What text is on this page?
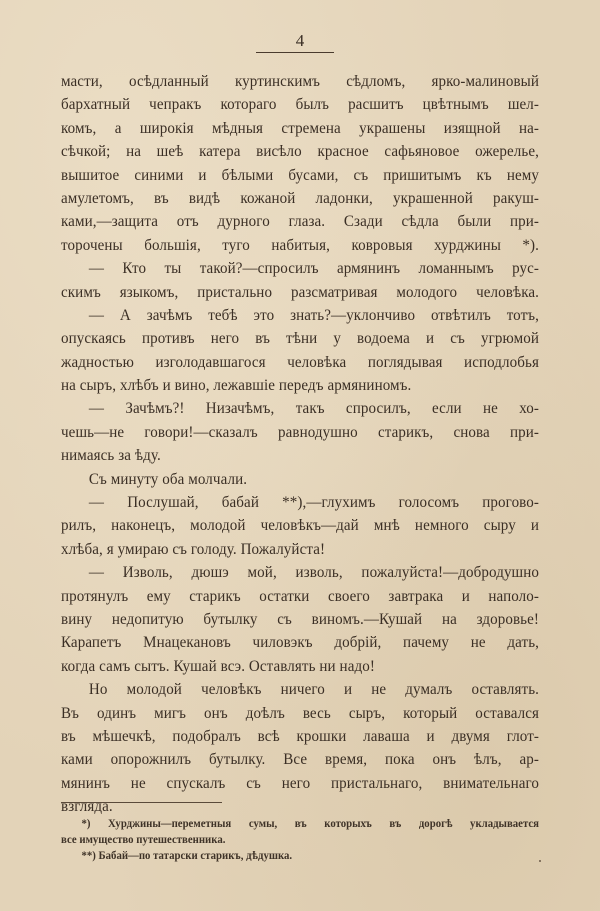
4
масти, осѣдланный куртинскимъ сѣдломъ, ярко-малиновый
бархатный чепракъ котораго былъ расшитъ цвѣтнымъ шел-
комъ, а широкія мѣдныя стремена украшены изящной на-
сѣчкой; на шеѣ катера висѣло красное сафьяновое ожерелье,
вышитое синими и бѣлыми бусами, съ пришитымъ къ нему
амулетомъ, въ видѣ кожаной ладонки, украшенной ракуш-
ками,—защита отъ дурного глаза. Сзади сѣдла были при-
торочены большія, туго набитыя, ковровыя хурджины *).
— Кто ты такой?—спросилъ армянинъ ломаннымъ рус-
скимъ языкомъ, пристально разсматривая молодого человѣка.
— А зачѣмъ тебѣ это знать?—уклончиво отвѣтилъ тотъ,
опускаясь противъ него въ тѣни у водоема и съ угрюмой
жадностью изголодавшагося человѣка поглядывая исподлобья
на сыръ, хлѣбъ и вино, лежавшіе передъ армяниномъ.
— Зачѣмъ?! Низачѣмъ, такъ спросилъ, если не хо-
чешь—не говори!—сказалъ равнодушно старикъ, снова при-
нимаясь за ѣду.
Съ минуту оба молчали.
— Послушай, бабай **),—глухимъ голосомъ прогово-
рилъ, наконецъ, молодой человѣкъ—дай мнѣ немного сыру и
хлѣба, я умираю съ голоду. Пожалуйста!
— Изволь, дюшэ мой, изволь, пожалуйста!—добродушно
протянулъ ему старикъ остатки своего завтрака и наполо-
вину недопитую бутылку съ виномъ.—Кушай на здоровье!
Карапетъ Мнацекановъ чиловэкъ добрій, пачему не дать,
когда самъ сытъ. Кушай всэ. Оставлять ни надо!
Но молодой человѣкъ ничего и не думалъ оставлять.
Въ одинъ мигъ онъ доѣлъ весь сыръ, который оставался
въ мѣшечкѣ, подобралъ всѣ крошки лаваша и двумя глот-
ками опорожнилъ бутылку. Все время, пока онъ ѣлъ, ар-
мянинъ не спускалъ съ него пристальнаго, внимательнаго
взгляда.
*) Хурджины—переметныя сумы, въ которыхъ въ дорогѣ укладывается
все имущество путешественника.
**) Бабай—по татарски старикъ, дѣдушка.
